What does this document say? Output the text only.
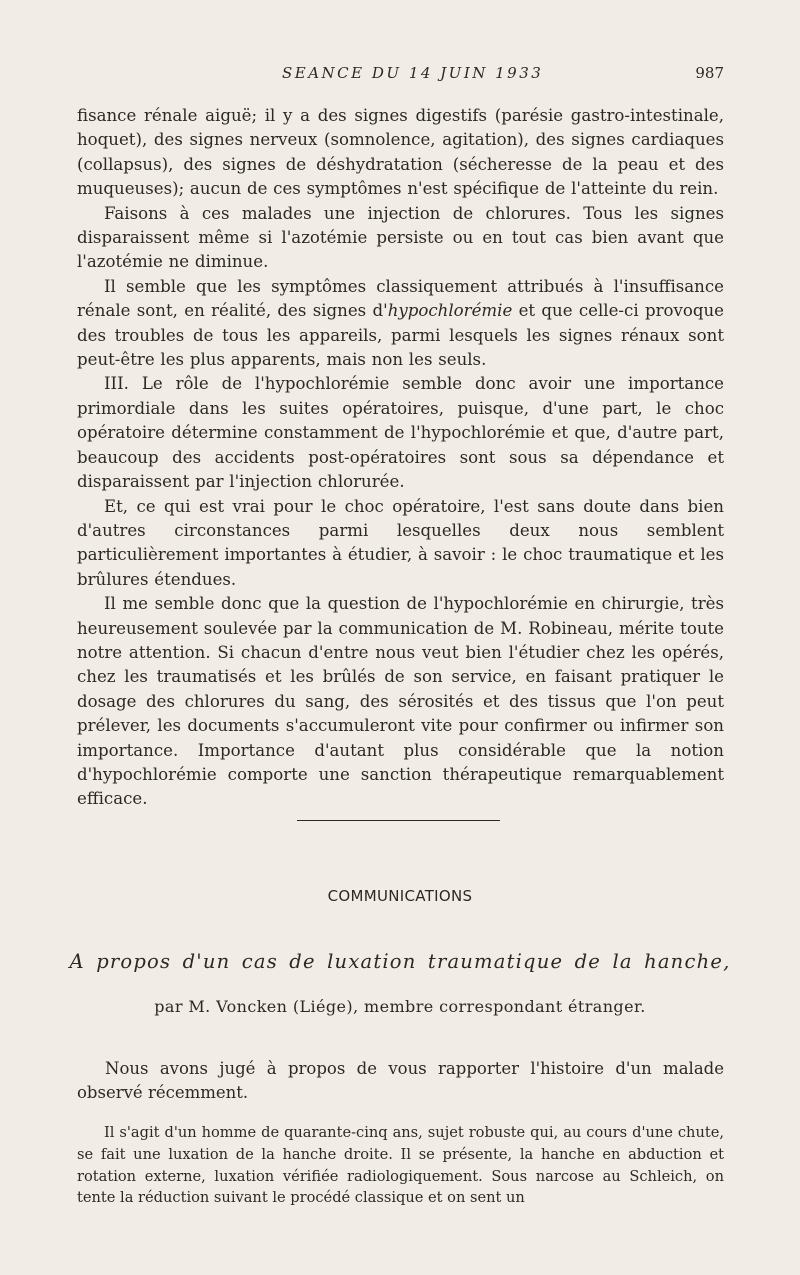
SEANCE DU 14 JUIN 1933	987

fisance rénale aiguë; il y a des signes digestifs (parésie gastro-intestinale, hoquet), des signes nerveux (somnolence, agitation), des signes cardiaques (collapsus), des signes de déshydratation (sécheresse de la peau et des muqueuses); aucun de ces symptômes n'est spécifique de l'atteinte du rein.

Faisons à ces malades une injection de chlorures. Tous les signes disparaissent même si l'azotémie persiste ou en tout cas bien avant que l'azotémie ne diminue.

Il semble que les symptômes classiquement attribués à l'insuffisance rénale sont, en réalité, des signes d'hypochlorémie et que celle-ci provoque des troubles de tous les appareils, parmi lesquels les signes rénaux sont peut-être les plus apparents, mais non les seuls.

III. Le rôle de l'hypochlorémie semble donc avoir une importance primordiale dans les suites opératoires, puisque, d'une part, le choc opératoire détermine constamment de l'hypochlorémie et que, d'autre part, beaucoup des accidents post-opératoires sont sous sa dépendance et disparaissent par l'injection chlorurée.

Et, ce qui est vrai pour le choc opératoire, l'est sans doute dans bien d'autres circonstances parmi lesquelles deux nous semblent particulièrement importantes à étudier, à savoir : le choc traumatique et les brûlures étendues.

Il me semble donc que la question de l'hypochlorémie en chirurgie, très heureusement soulevée par la communication de M. Robineau, mérite toute notre attention. Si chacun d'entre nous veut bien l'étudier chez les opérés, chez les traumatisés et les brûlés de son service, en faisant pratiquer le dosage des chlorures du sang, des sérosités et des tissus que l'on peut prélever, les documents s'accumuleront vite pour confirmer ou infirmer son importance. Importance d'autant plus considérable que la notion d'hypochlorémie comporte une sanction thérapeutique remarquablement efficace.

COMMUNICATIONS
A propos d'un cas de luxation traumatique de la hanche,
par M. Voncken (Liége), membre correspondant étranger.

Nous avons jugé à propos de vous rapporter l'histoire d'un malade observé récemment.

Il s'agit d'un homme de quarante-cinq ans, sujet robuste qui, au cours d'une chute, se fait une luxation de la hanche droite. Il se présente, la hanche en abduction et rotation externe, luxation vérifiée radiologiquement. Sous narcose au Schleich, on tente la réduction suivant le procédé classique et on sent un
